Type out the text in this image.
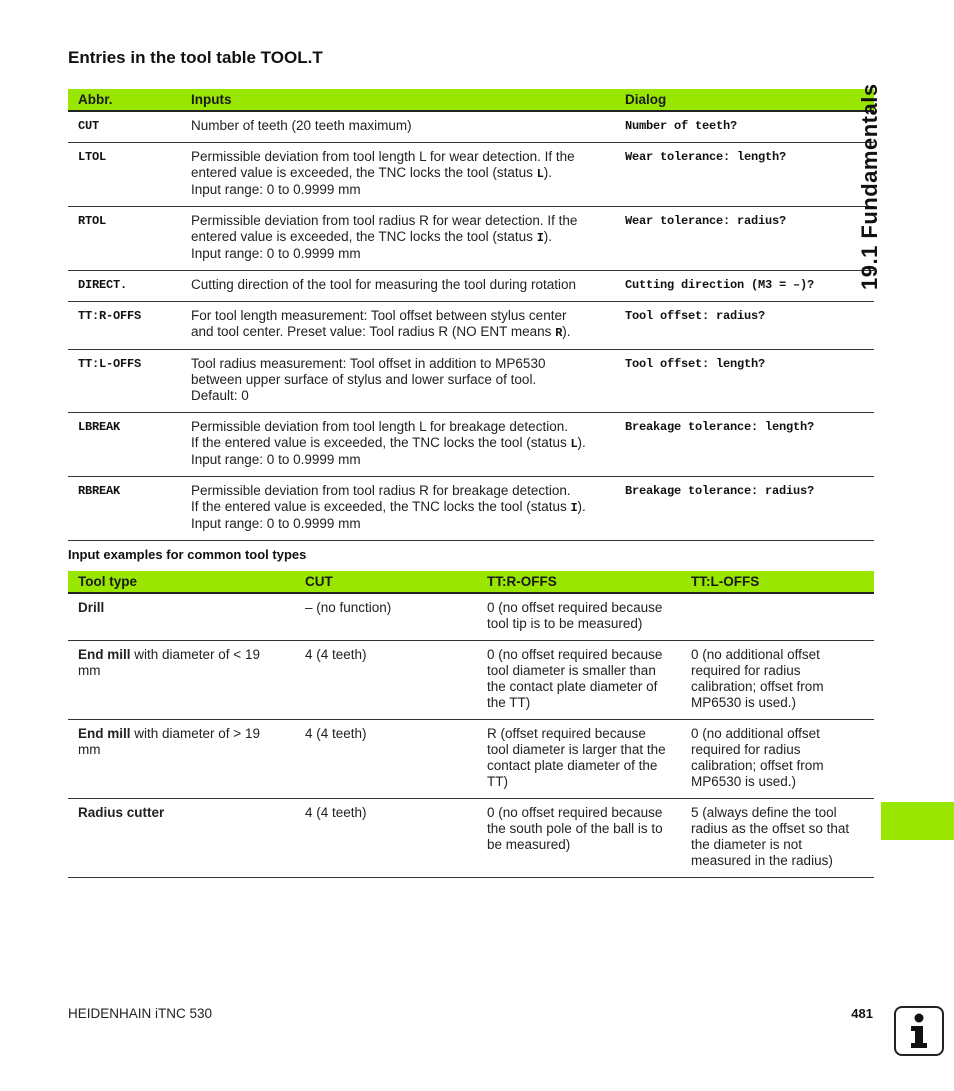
Entries in the tool table TOOL.T
Abbr.	Inputs	Dialog
CUT	Number of teeth (20 teeth maximum)	Number of teeth?
LTOL	Permissible deviation from tool length L for wear detection. If the
entered value is exceeded, the TNC locks the tool (status L).
Input range: 0 to 0.9999 mm	Wear tolerance: length?
RTOL	Permissible deviation from tool radius R for wear detection. If the
entered value is exceeded, the TNC locks the tool (status I).
Input range: 0 to 0.9999 mm	Wear tolerance: radius?
DIRECT.	Cutting direction of the tool for measuring the tool during rotation	Cutting direction (M3 = –)?
TT:R-OFFS	For tool length measurement: Tool offset between stylus center
and tool center. Preset value: Tool radius R (NO ENT means R).	Tool offset: radius?
TT:L-OFFS	Tool radius measurement: Tool offset in addition to MP6530
between upper surface of stylus and lower surface of tool.
Default: 0	Tool offset: length?
LBREAK	Permissible deviation from tool length L for breakage detection.
If the entered value is exceeded, the TNC locks the tool (status L).
Input range: 0 to 0.9999 mm	Breakage tolerance: length?
RBREAK	Permissible deviation from tool radius R for breakage detection.
If the entered value is exceeded, the TNC locks the tool (status I).
Input range: 0 to 0.9999 mm	Breakage tolerance: radius?
Input examples for common tool types
Tool type	CUT	TT:R-OFFS	TT:L-OFFS
Drill	– (no function)	0 (no offset required because tool tip is to be measured)	
End mill with diameter of < 19 mm	4 (4 teeth)	0 (no offset required because tool diameter is smaller than the contact plate diameter of the TT)	0 (no additional offset required for radius calibration; offset from MP6530 is used.)
End mill with diameter of > 19 mm	4 (4 teeth)	R (offset required because tool diameter is larger that the contact plate diameter of the TT)	0 (no additional offset required for radius calibration; offset from MP6530 is used.)
Radius cutter	4 (4 teeth)	0 (no offset required because the south pole of the ball is to be measured)	5 (always define the tool radius as the offset so that the diameter is not measured in the radius)
19.1 Fundamentals
HEIDENHAIN iTNC 530	481
